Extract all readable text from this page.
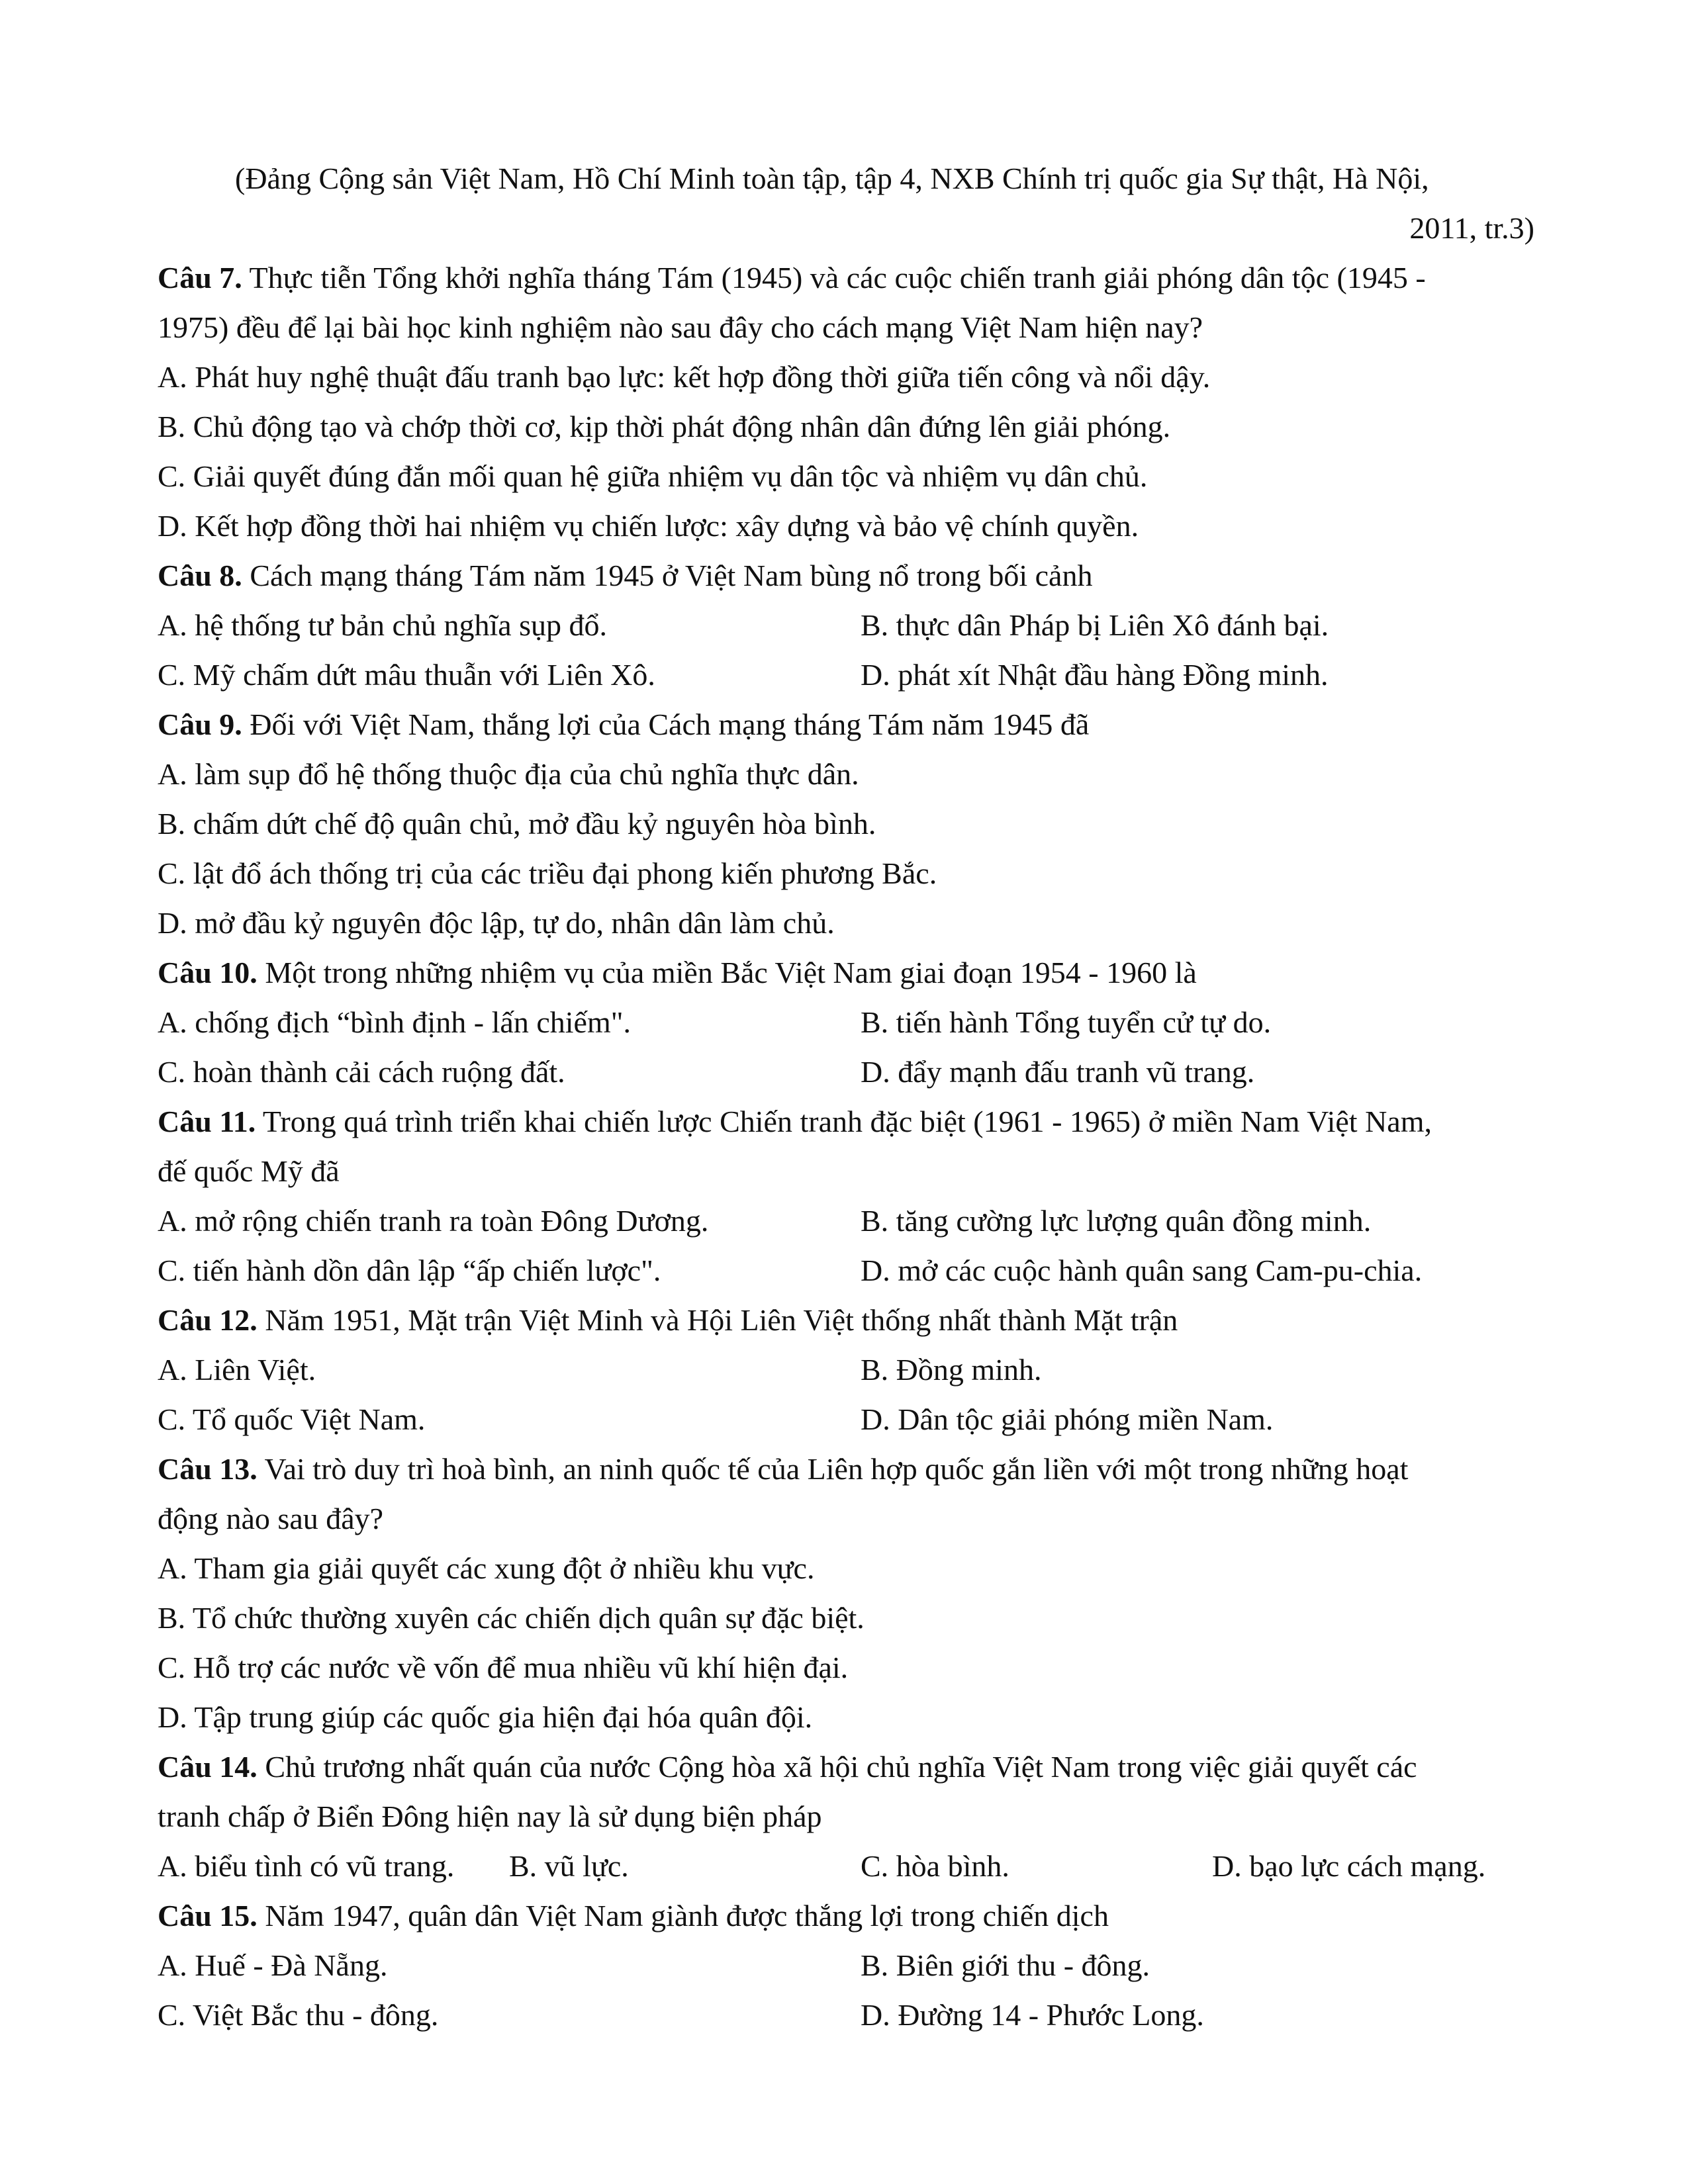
(Đảng Cộng sản Việt Nam, Hồ Chí Minh toàn tập, tập 4, NXB Chính trị quốc gia Sự thật, Hà Nội,
2011, tr.3)
Câu 7. Thực tiễn Tổng khởi nghĩa tháng Tám (1945) và các cuộc chiến tranh giải phóng dân tộc (1945 -
1975) đều để lại bài học kinh nghiệm nào sau đây cho cách mạng Việt Nam hiện nay?
A. Phát huy nghệ thuật đấu tranh bạo lực: kết hợp đồng thời giữa tiến công và nổi dậy.
B. Chủ động tạo và chớp thời cơ, kịp thời phát động nhân dân đứng lên giải phóng.
C. Giải quyết đúng đắn mối quan hệ giữa nhiệm vụ dân tộc và nhiệm vụ dân chủ.
D. Kết hợp đồng thời hai nhiệm vụ chiến lược: xây dựng và bảo vệ chính quyền.
Câu 8. Cách mạng tháng Tám năm 1945 ở Việt Nam bùng nổ trong bối cảnh
A. hệ thống tư bản chủ nghĩa sụp đổ.	B. thực dân Pháp bị Liên Xô đánh bại.
C. Mỹ chấm dứt mâu thuẫn với Liên Xô.	D. phát xít Nhật đầu hàng Đồng minh.
Câu 9. Đối với Việt Nam, thắng lợi của Cách mạng tháng Tám năm 1945 đã
A. làm sụp đổ hệ thống thuộc địa của chủ nghĩa thực dân.
B. chấm dứt chế độ quân chủ, mở đầu kỷ nguyên hòa bình.
C. lật đổ ách thống trị của các triều đại phong kiến phương Bắc.
D. mở đầu kỷ nguyên độc lập, tự do, nhân dân làm chủ.
Câu 10. Một trong những nhiệm vụ của miền Bắc Việt Nam giai đoạn 1954 - 1960 là
A. chống địch “bình định - lấn chiếm".	B. tiến hành Tổng tuyển cử tự do.
C. hoàn thành cải cách ruộng đất.	D. đẩy mạnh đấu tranh vũ trang.
Câu 11. Trong quá trình triển khai chiến lược Chiến tranh đặc biệt (1961 - 1965) ở miền Nam Việt Nam,
đế quốc Mỹ đã
A. mở rộng chiến tranh ra toàn Đông Dương.	B. tăng cường lực lượng quân đồng minh.
C. tiến hành dồn dân lập “ấp chiến lược".	D. mở các cuộc hành quân sang Cam-pu-chia.
Câu 12. Năm 1951, Mặt trận Việt Minh và Hội Liên Việt thống nhất thành Mặt trận
A. Liên Việt.	B. Đồng minh.
C. Tổ quốc Việt Nam.	D. Dân tộc giải phóng miền Nam.
Câu 13. Vai trò duy trì hoà bình, an ninh quốc tế của Liên hợp quốc gắn liền với một trong những hoạt
động nào sau đây?
A. Tham gia giải quyết các xung đột ở nhiều khu vực.
B. Tổ chức thường xuyên các chiến dịch quân sự đặc biệt.
C. Hỗ trợ các nước về vốn để mua nhiều vũ khí hiện đại.
D. Tập trung giúp các quốc gia hiện đại hóa quân đội.
Câu 14. Chủ trương nhất quán của nước Cộng hòa xã hội chủ nghĩa Việt Nam trong việc giải quyết các
tranh chấp ở Biển Đông hiện nay là sử dụng biện pháp
A. biểu tình có vũ trang.	B. vũ lực.	C. hòa bình.	D. bạo lực cách mạng.
Câu 15. Năm 1947, quân dân Việt Nam giành được thắng lợi trong chiến dịch
A. Huế - Đà Nẵng.	B. Biên giới thu - đông.
C. Việt Bắc thu - đông.	D. Đường 14 - Phước Long.
